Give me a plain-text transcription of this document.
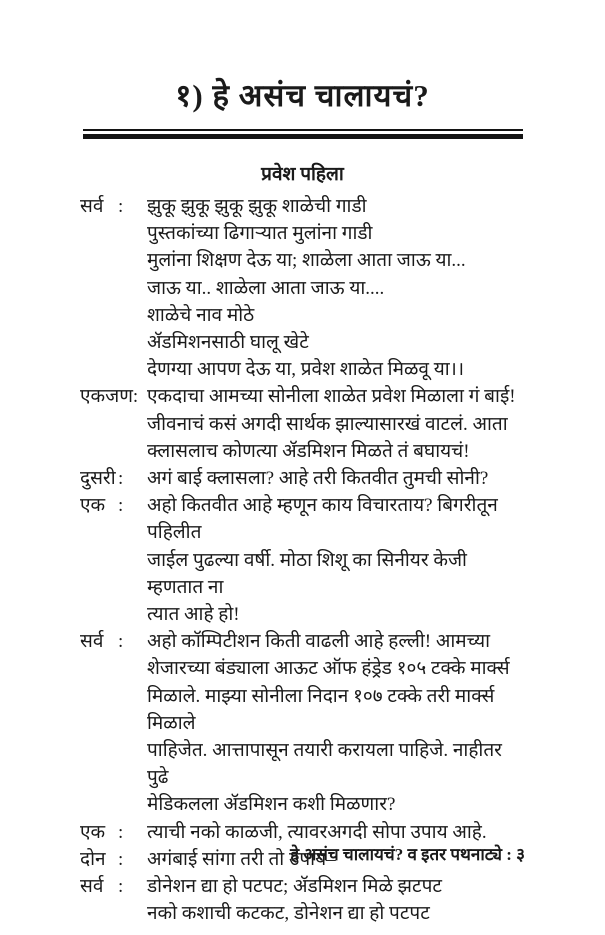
१) हे असंच चालायचं?
प्रवेश पहिला
सर्व : झुकू झुकू झुकू झुकू शाळेची गाडी
पुस्तकांच्या ढिगाऱ्यात मुलांना गाडी
मुलांना शिक्षण देऊ या; शाळेला आता जाऊ या...
जाऊ या.. शाळेला आता जाऊ या....
शाळेचे नाव मोठे
ॲडमिशनसाठी घालू खेटे
देणग्या आपण देऊ या, प्रवेश शाळेत मिळवू या।।
एकजण: एकदाचा आमच्या सोनीला शाळेत प्रवेश मिळाला गं बाई!
जीवनाचं कसं अगदी सार्थक झाल्यासारखं वाटलं. आता
क्लासलाच कोणत्या ॲडमिशन मिळते तं बघायचं!
दुसरी : अगं बाई क्लासला? आहे तरी कितवीत तुमची सोनी?
एक : अहो कितवीत आहे म्हणून काय विचारताय? बिगरीतून पहिलीत
जाईल पुढल्या वर्षी. मोठा शिशू का सिनीयर केजी म्हणतात ना
त्यात आहे हो!
सर्व : अहो कॉम्पिटीशन किती वाढली आहे हल्ली! आमच्या
शेजारच्या बंड्याला आऊट ऑफ हंड्रेड १०५ टक्के मार्क्स
मिळाले. माझ्या सोनीला निदान १०७ टक्के तरी मार्क्स मिळाले
पाहिजेत. आत्तापासून तयारी करायला पाहिजे. नाहीतर पुढे
मेडिकलला ॲडमिशन कशी मिळणार?
एक : त्याची नको काळजी, त्यावरअगदी सोपा उपाय आहे.
दोन : अगंबाई सांगा तरी तो उपाय–
सर्व : डोनेशन द्या हो पटपट; ॲडमिशन मिळे झटपट
नको कशाची कटकट, डोनेशन द्या हो पटपट
हे असंच चालायचं? व इतर पथनाट्ये : ३
